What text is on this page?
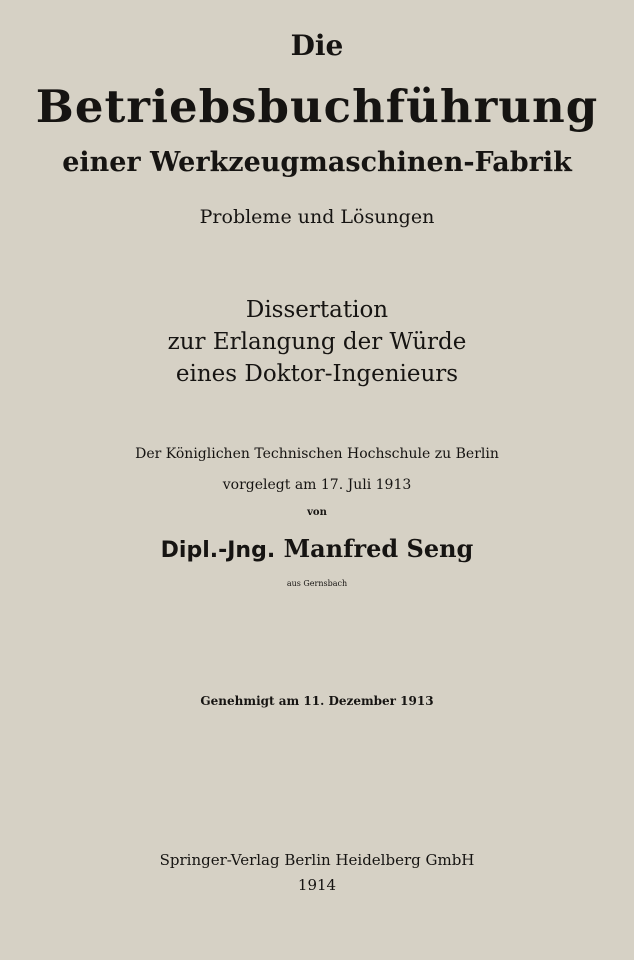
Die
Betriebsbuchführung
einer Werkzeugmaschinen-Fabrik
Probleme und Lösungen
Dissertation
zur Erlangung der Würde
eines Doktor-Ingenieurs
Der Königlichen Technischen Hochschule zu Berlin
vorgelegt am 17. Juli 1913
von
Dipl.-Jng. Manfred Seng
aus Gernsbach
Genehmigt am 11. Dezember 1913
Springer-Verlag Berlin Heidelberg GmbH
1914
